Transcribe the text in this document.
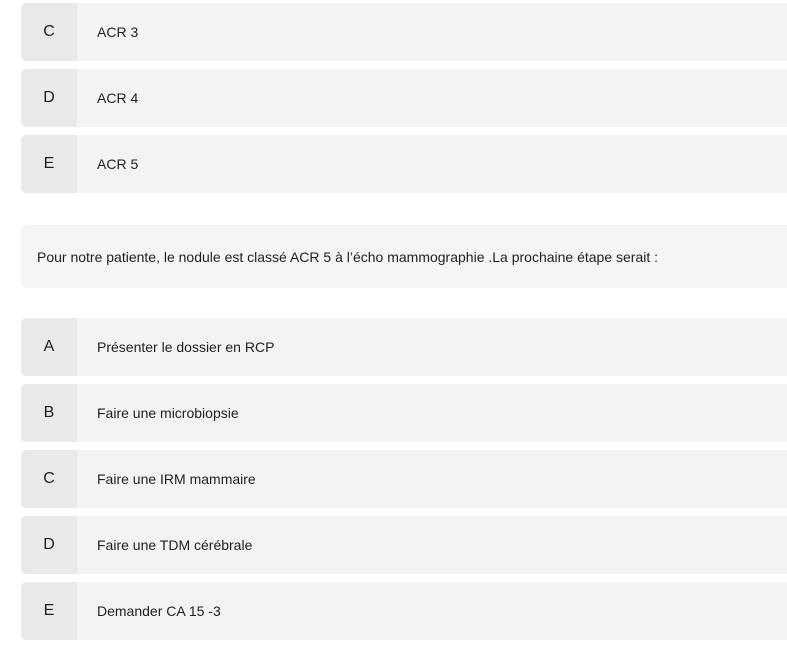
C	ACR 3
D	ACR 4
E	ACR 5
Pour notre patiente, le nodule est classé ACR 5 à l’écho mammographie .La prochaine étape serait :
A	Présenter le dossier en RCP
B	Faire une microbiopsie
C	Faire une IRM mammaire
D	Faire une TDM cérébrale
E	Demander CA 15 -3
